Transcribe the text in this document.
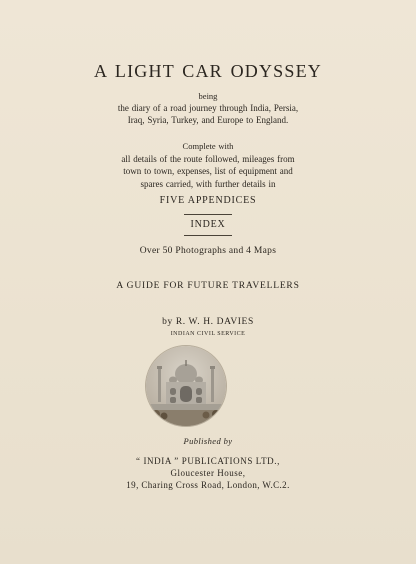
A LIGHT CAR ODYSSEY
being
the diary of a road journey through India, Persia,
Iraq, Syria, Turkey, and Europe to England.
Complete with
all details of the route followed, mileages from
town to town, expenses, list of equipment and
spares carried, with further details in
FIVE APPENDICES
INDEX
Over 50 Photographs and 4 Maps
A GUIDE FOR FUTURE TRAVELLERS
by R. W. H. DAVIES
INDIAN CIVIL SERVICE
Published by
“ INDIA ” PUBLICATIONS LTD.,
Gloucester House,
19, Charing Cross Road, London, W.C.2.
